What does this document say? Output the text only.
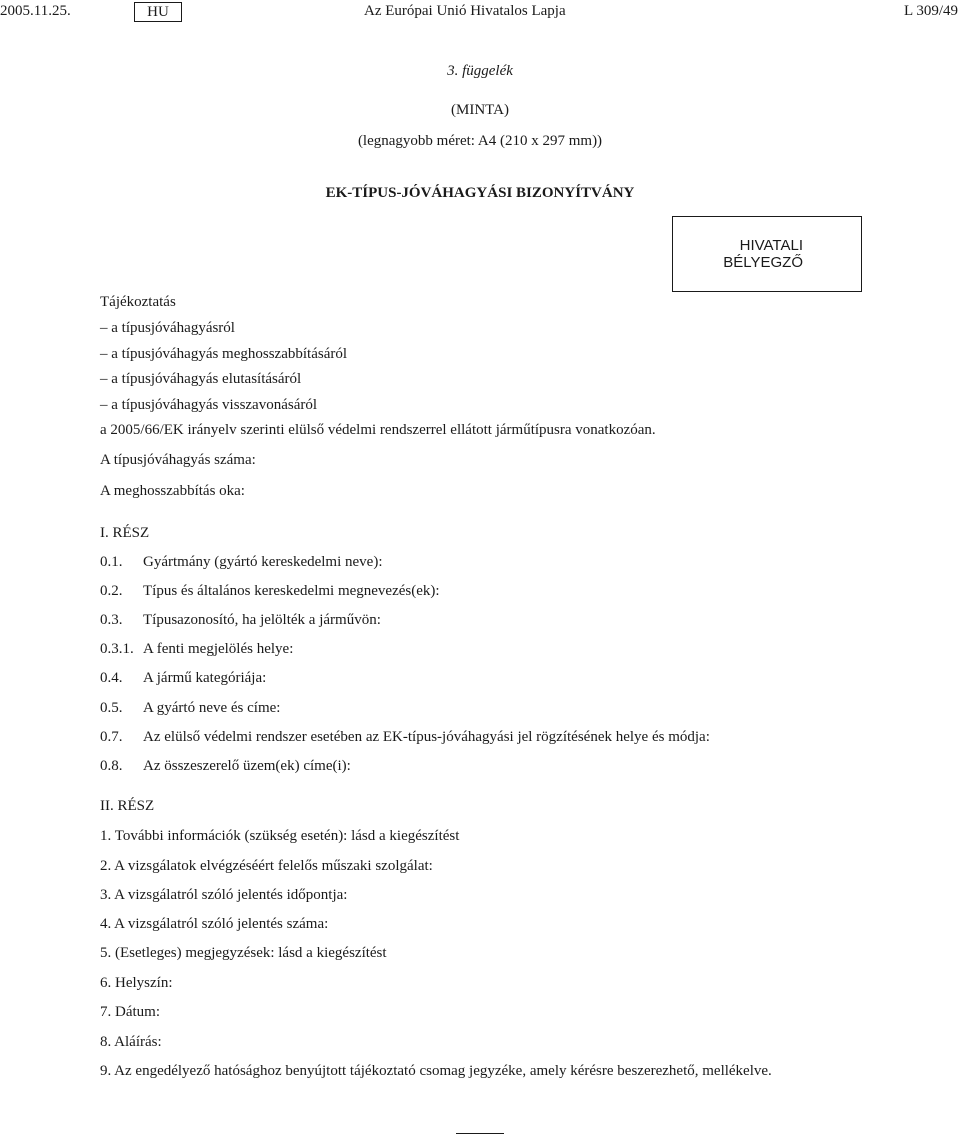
2005.11.25.	HU	Az Európai Unió Hivatalos Lapja	L 309/49
3. függelék
(MINTA)
(legnagyobb méret: A4 (210 x 297 mm))
EK-TÍPUS-JÓVÁHAGYÁSI BIZONYÍTVÁNY
HIVATALI
BÉLYEGZŐ
Tájékoztatás
– a típusjóváhagyásról
– a típusjóváhagyás meghosszabbításáról
– a típusjóváhagyás elutasításáról
– a típusjóváhagyás visszavonásáról
a 2005/66/EK irányelv szerinti elülső védelmi rendszerrel ellátott járműtípusra vonatkozóan.
A típusjóváhagyás száma:
A meghosszabbítás oka:
I. RÉSZ
0.1. Gyártmány (gyártó kereskedelmi neve):
0.2. Típus és általános kereskedelmi megnevezés(ek):
0.3. Típusazonosító, ha jelölték a járművön:
0.3.1. A fenti megjelölés helye:
0.4. A jármű kategóriája:
0.5. A gyártó neve és címe:
0.7. Az elülső védelmi rendszer esetében az EK-típus-jóváhagyási jel rögzítésének helye és módja:
0.8. Az összeszerelő üzem(ek) címe(i):
II. RÉSZ
1. További információk (szükség esetén): lásd a kiegészítést
2. A vizsgálatok elvégzéséért felelős műszaki szolgálat:
3. A vizsgálatról szóló jelentés időpontja:
4. A vizsgálatról szóló jelentés száma:
5. (Esetleges) megjegyzések: lásd a kiegészítést
6. Helyszín:
7. Dátum:
8. Aláírás:
9. Az engedélyező hatósághoz benyújtott tájékoztató csomag jegyzéke, amely kérésre beszerezhető, mellékelve.
